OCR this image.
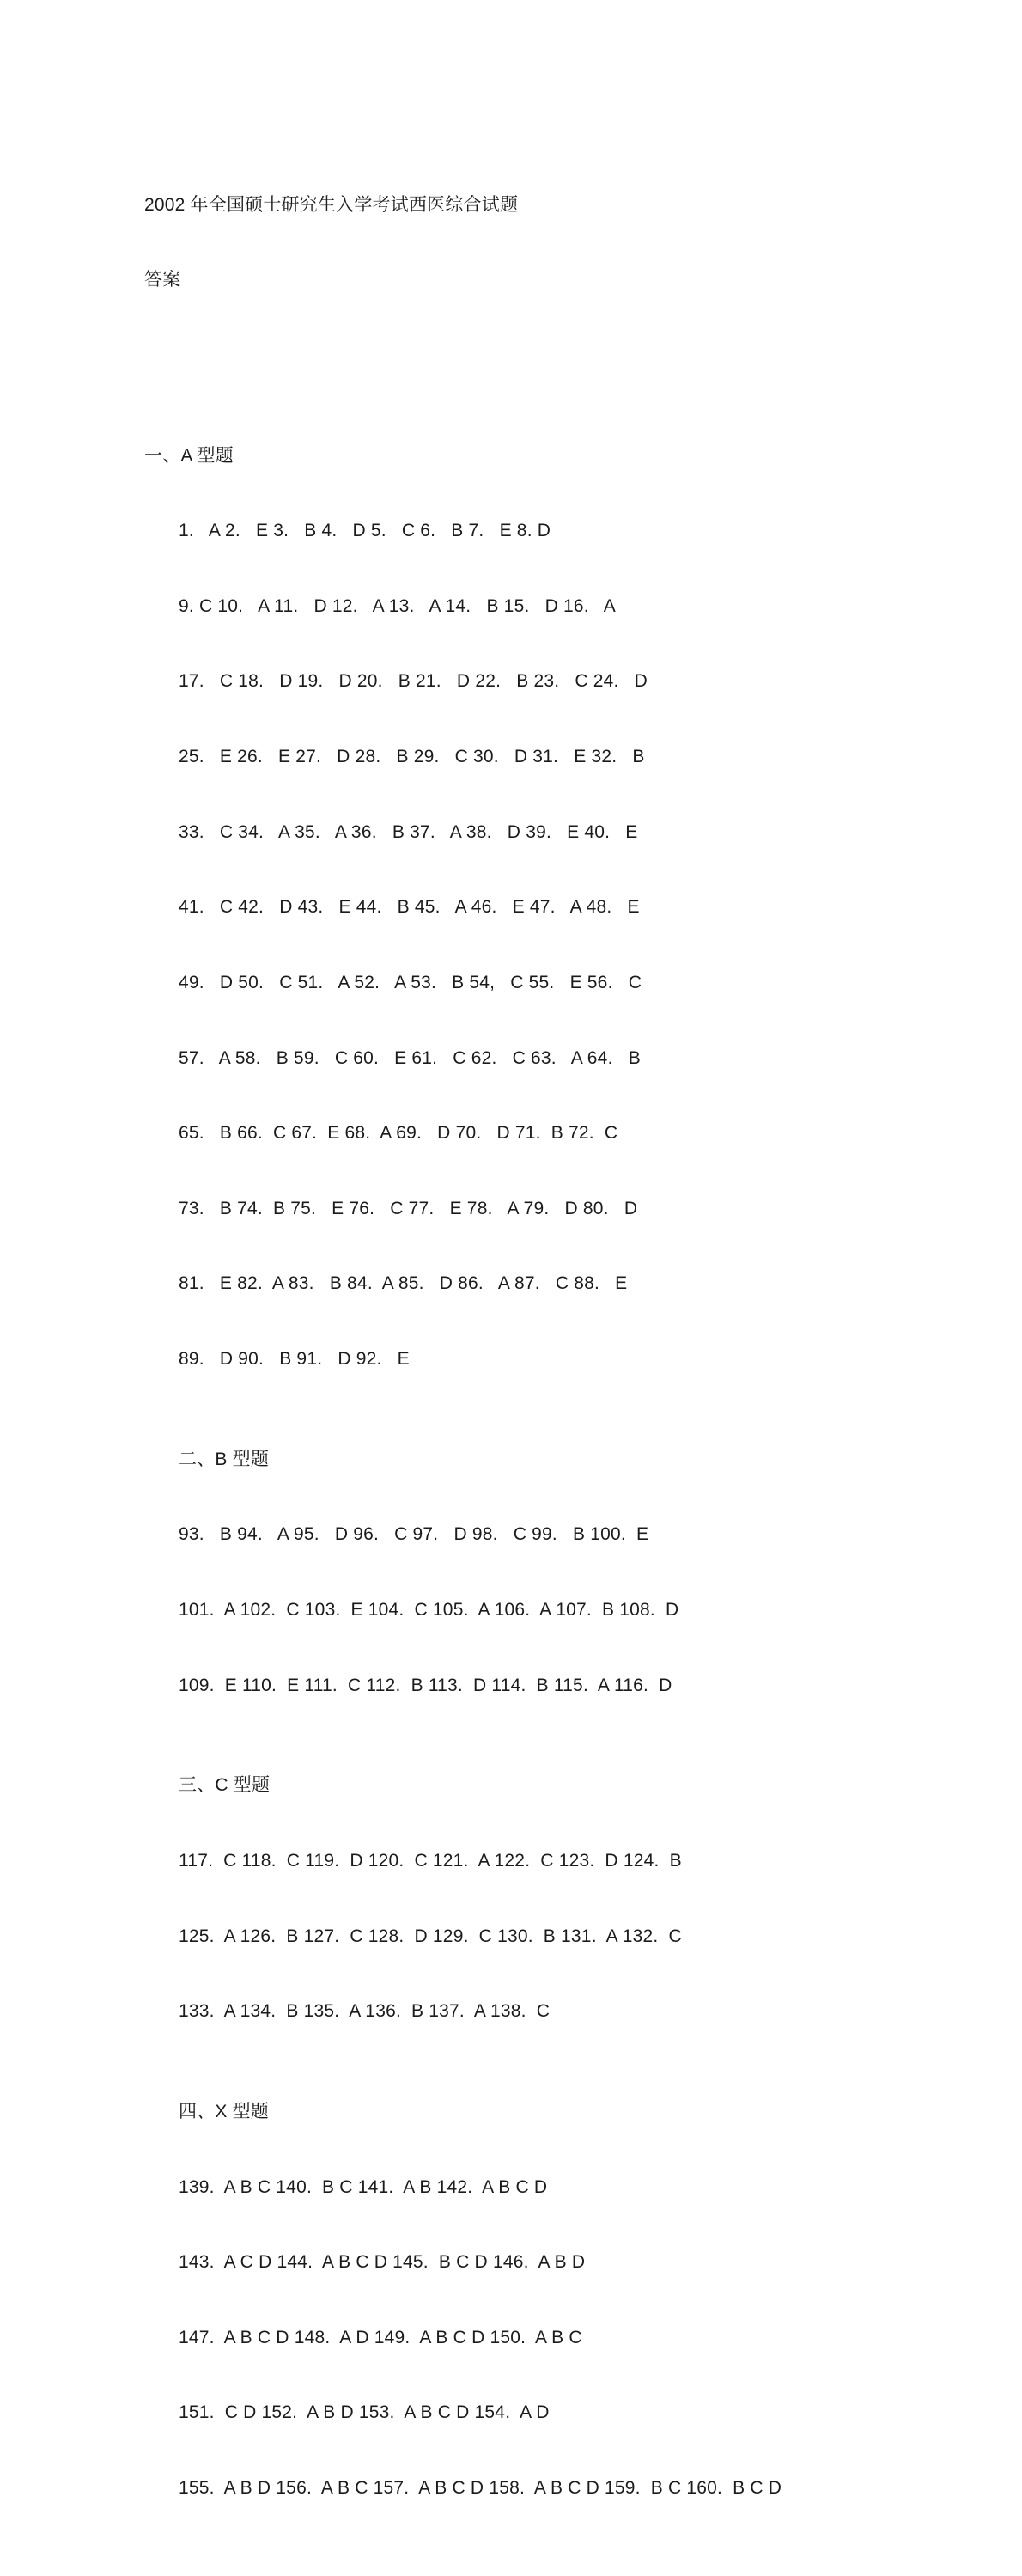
2002 年全国硕士研究生入学考试西医综合试题

答案

一、A 型题

1.   A 2.   E 3.   B 4.   D 5.   C 6.   B 7.   E 8. D

9. C 10.   A 11.   D 12.   A 13.   A 14.   B 15.   D 16.   A

17.   C 18.   D 19.   D 20.   B 21.   D 22.   B 23.   C 24.   D

25.   E 26.   E 27.   D 28.   B 29.   C 30.   D 31.   E 32.   B

33.   C 34.   A 35.   A 36.   B 37.   A 38.   D 39.   E 40.   E

41.   C 42.   D 43.   E 44.   B 45.   A 46.   E 47.   A 48.   E

49.   D 50.   C 51.   A 52.   A 53.   B 54,   C 55.   E 56.   C

57.   A 58.   B 59.   C 60.   E 61.   C 62.   C 63.   A 64.   B

65.   B 66.  C 67.  E 68.  A 69.   D 70.   D 71.  B 72.  C

73.   B 74.  B 75.   E 76.   C 77.   E 78.   A 79.   D 80.   D

81.   E 82.  A 83.   B 84.  A 85.   D 86.   A 87.   C 88.   E

89.   D 90.   B 91.   D 92.   E

二、B 型题

93.   B 94.   A 95.   D 96.   C 97.   D 98.   C 99.   B 100.  E

101.  A 102.  C 103.  E 104.  C 105.  A 106.  A 107.  B 108.  D

109.  E 110.  E 111.  C 112.  B 113.  D 114.  B 115.  A 116.  D

三、C 型题

117.  C 118.  C 119.  D 120.  C 121.  A 122.  C 123.  D 124.  B

125.  A 126.  B 127.  C 128.  D 129.  C 130.  B 131.  A 132.  C

133.  A 134.  B 135.  A 136.  B 137.  A 138.  C

四、X 型题

139.  A B C 140.  B C 141.  A B 142.  A B C D

143.  A C D 144.  A B C D 145.  B C D 146.  A B D

147.  A B C D 148.  A D 149.  A B C D 150.  A B C

151.  C D 152.  A B D 153.  A B C D 154.  A D

155.  A B D 156.  A B C 157.  A B C D 158.  A B C D 159.  B C 160.  B C D
